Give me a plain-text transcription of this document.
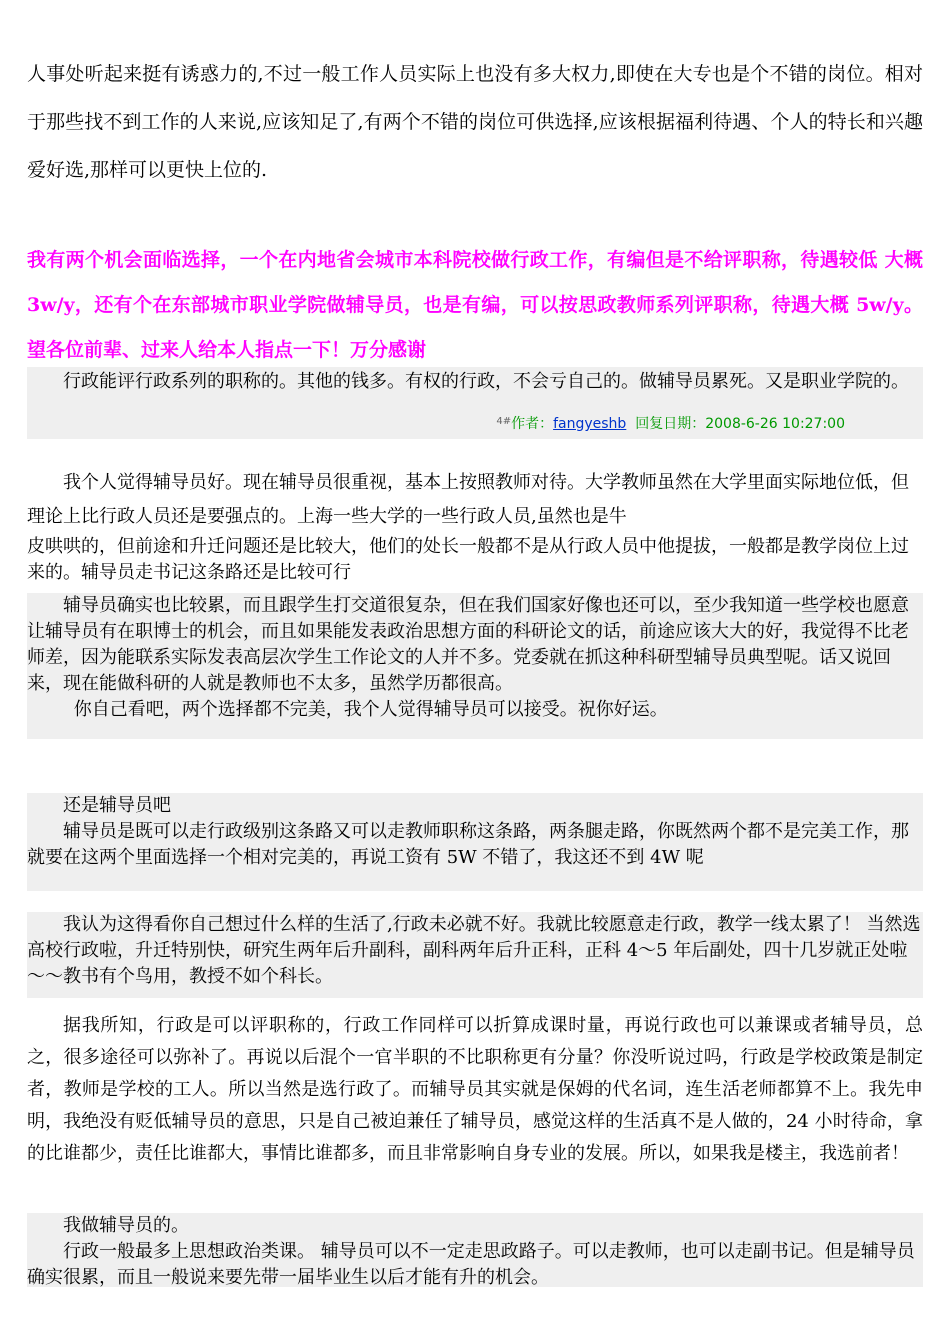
人事处听起来挺有诱惑力的,不过一般工作人员实际上也没有多大权力,即使在大专也是个不错的岗位。相对于那些找不到工作的人来说,应该知足了,有两个不错的岗位可供选择,应该根据福利待遇、个人的特长和兴趣爱好选,那样可以更快上位的.

我有两个机会面临选择，一个在内地省会城市本科院校做行政工作，有编但是不给评职称，待遇较低 大概 3w/y，还有个在东部城市职业学院做辅导员，也是有编，可以按思政教师系列评职称，待遇大概 5w/y。望各位前辈、过来人给本人指点一下！万分感谢

行政能评行政系列的职称的。其他的钱多。有权的行政，不会亏自己的。做辅导员累死。又是职业学院的。

$^{4\#}$作者：fangyeshb 回复日期：2008-6-26 10:27:00

我个人觉得辅导员好。现在辅导员很重视，基本上按照教师对待。大学教师虽然在大学里面实际地位低，但理论上比行政人员还是要强点的。上海一些大学的一些行政人员,虽然也是牛

皮哄哄的，但前途和升迁问题还是比较大，他们的处长一般都不是从行政人员中他提拔，一般都是教学岗位上过来的。辅导员走书记这条路还是比较可行

辅导员确实也比较累，而且跟学生打交道很复杂，但在我们国家好像也还可以，至少我知道一些学校也愿意让辅导员有在职博士的机会，而且如果能发表政治思想方面的科研论文的话，前途应该大大的好，我觉得不比老师差，因为能联系实际发表高层次学生工作论文的人并不多。党委就在抓这种科研型辅导员典型呢。话又说回来，现在能做科研的人就是教师也不太多，虽然学历都很高。

你自己看吧，两个选择都不完美，我个人觉得辅导员可以接受。祝你好运。

还是辅导员吧

辅导员是既可以走行政级别这条路又可以走教师职称这条路，两条腿走路，你既然两个都不是完美工作，那就要在这两个里面选择一个相对完美的，再说工资有 5W 不错了，我这还不到 4W 呢

我认为这得看你自己想过什么样的生活了,行政未必就不好。我就比较愿意走行政，教学一线太累了！ 当然选高校行政啦，升迁特别快，研究生两年后升副科，副科两年后升正科，正科 4～5 年后副处，四十几岁就正处啦～～教书有个鸟用，教授不如个科长。

据我所知，行政是可以评职称的，行政工作同样可以折算成课时量，再说行政也可以兼课或者辅导员，总之，很多途径可以弥补了。再说以后混个一官半职的不比职称更有分量？你没听说过吗，行政是学校政策是制定者，教师是学校的工人。所以当然是选行政了。而辅导员其实就是保姆的代名词，连生活老师都算不上。我先申明，我绝没有贬低辅导员的意思，只是自己被迫兼任了辅导员，感觉这样的生活真不是人做的，24 小时待命，拿的比谁都少，责任比谁都大，事情比谁都多，而且非常影响自身专业的发展。所以，如果我是楼主，我选前者！

我做辅导员的。

行政一般最多上思想政治类课。 辅导员可以不一定走思政路子。可以走教师，也可以走副书记。但是辅导员确实很累，而且一般说来要先带一届毕业生以后才能有升的机会。
